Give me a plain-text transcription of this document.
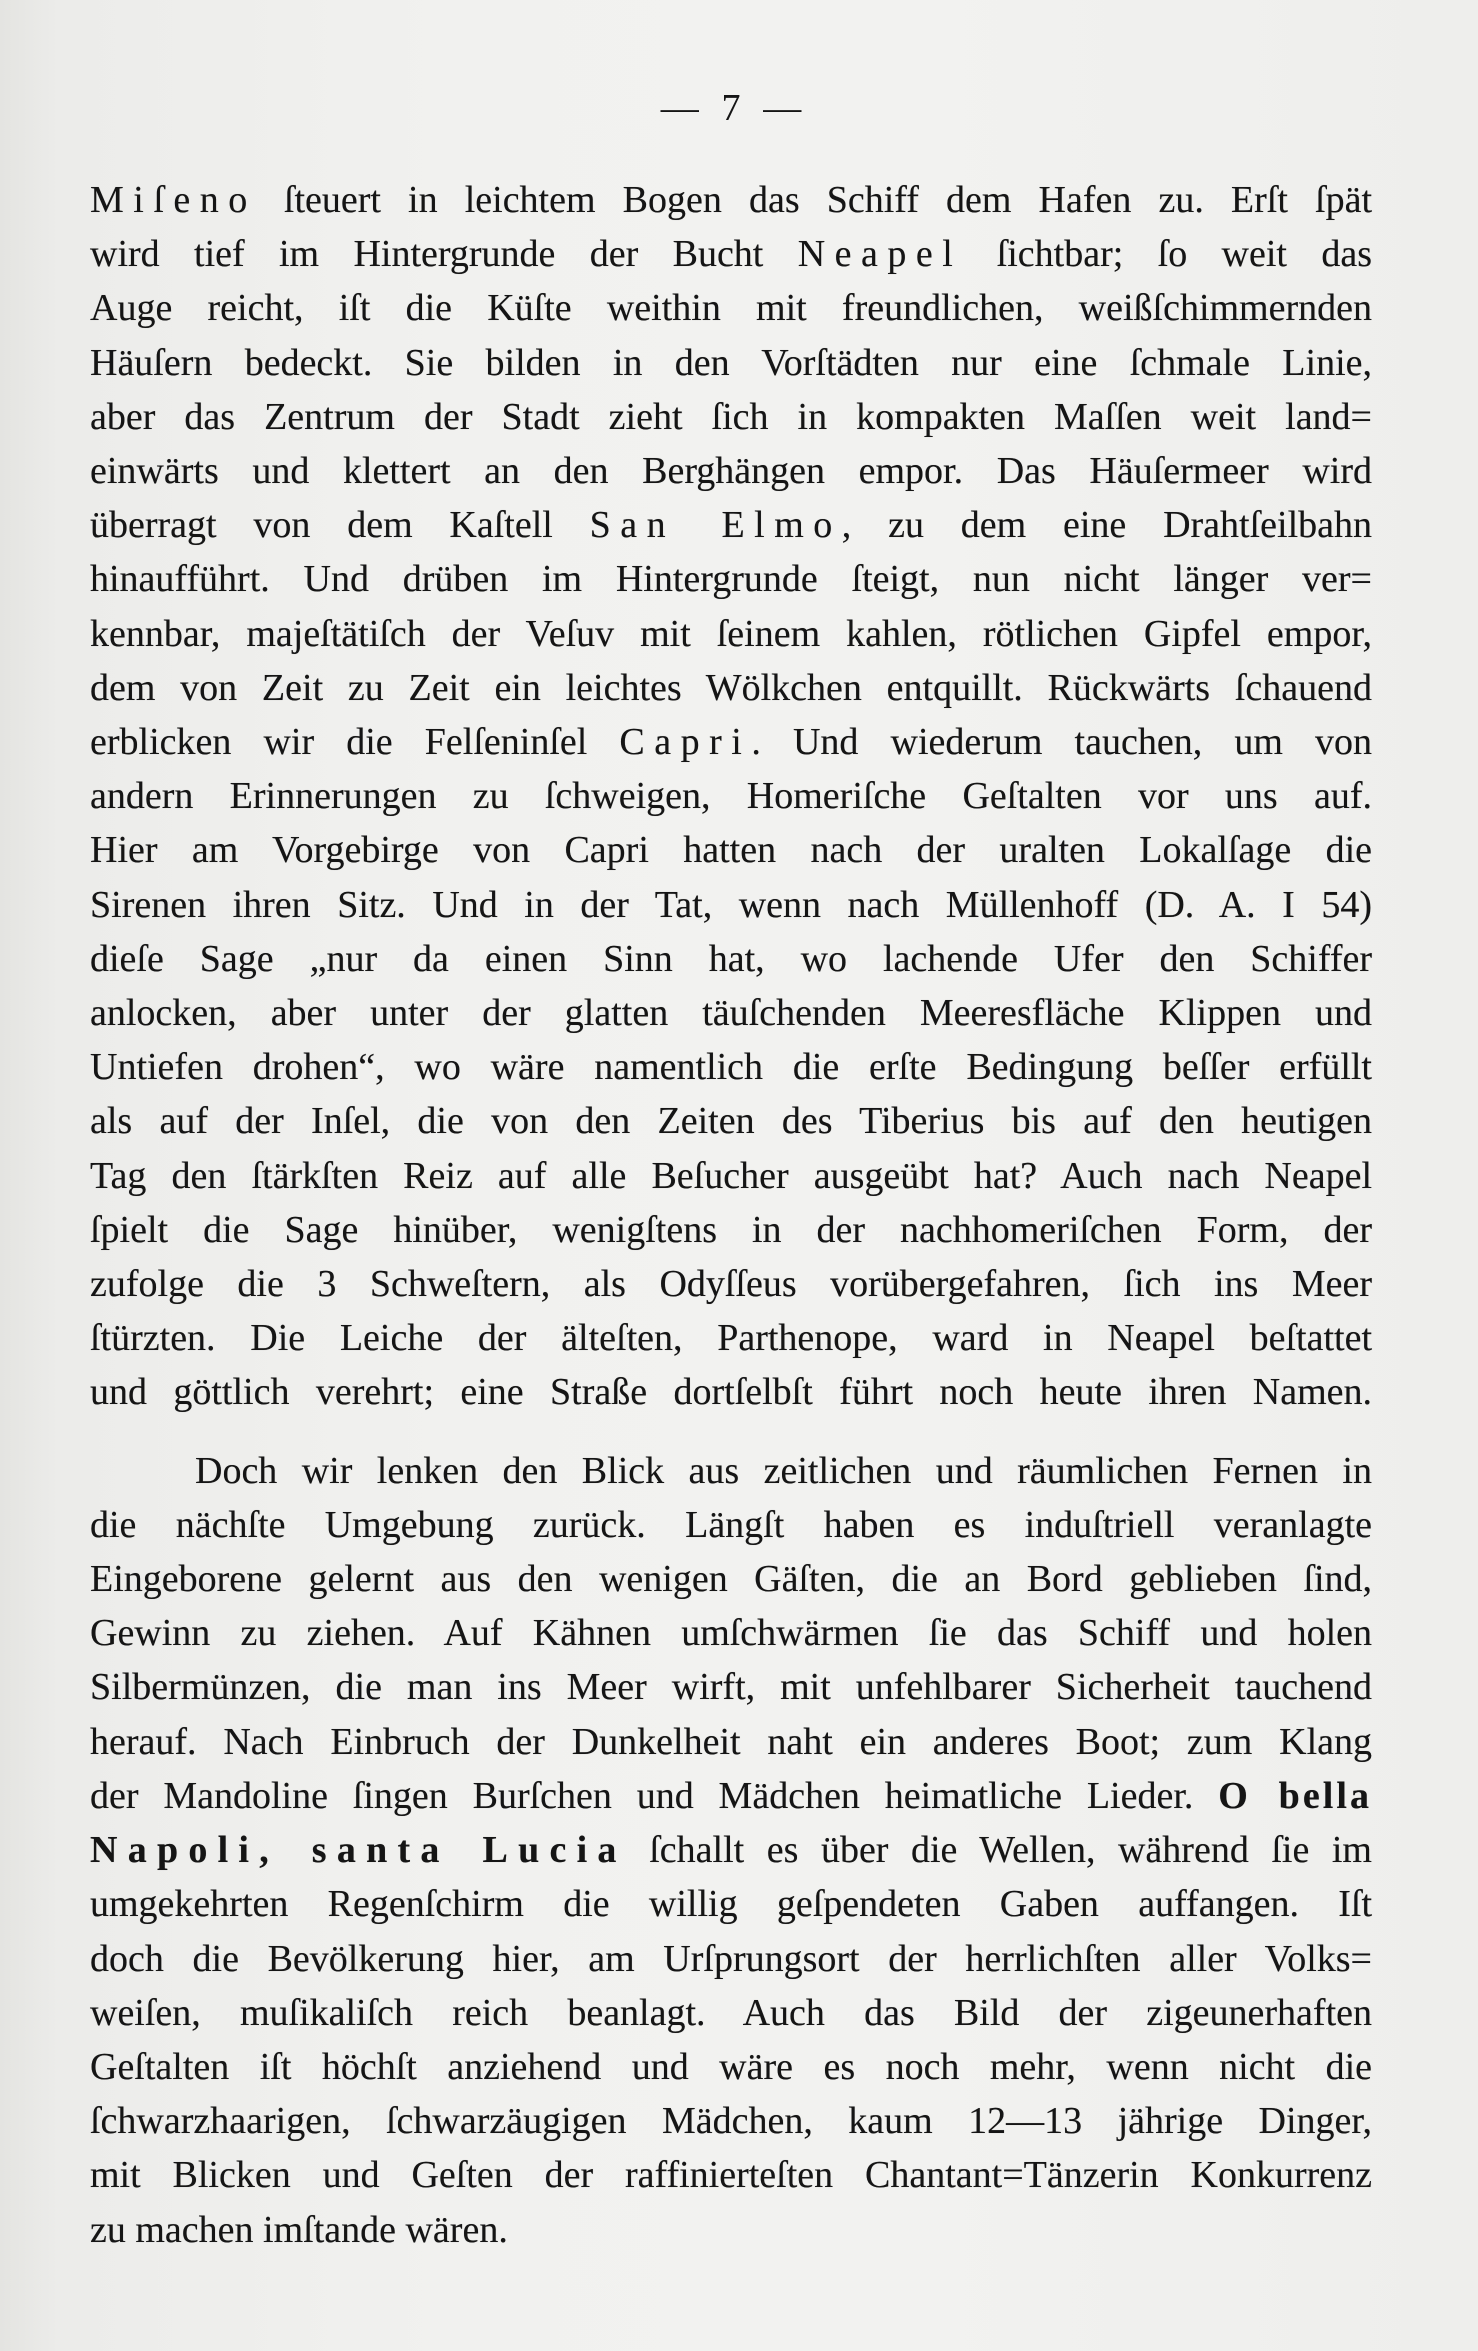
— 7 —
Miſeno ſteuert in leichtem Bogen das Schiff dem Hafen zu. Erſt ſpät
wird tief im Hintergrunde der Bucht Neapel ſichtbar; ſo weit das
Auge reicht, iſt die Küſte weithin mit freundlichen, weißſchimmernden
Häuſern bedeckt. Sie bilden in den Vorſtädten nur eine ſchmale Linie,
aber das Zentrum der Stadt zieht ſich in kompakten Maſſen weit land=
einwärts und klettert an den Berghängen empor. Das Häuſermeer wird
überragt von dem Kaſtell San Elmo, zu dem eine Drahtſeilbahn
hinaufführt. Und drüben im Hintergrunde ſteigt, nun nicht länger ver=
kennbar, majeſtätiſch der Veſuv mit ſeinem kahlen, rötlichen Gipfel empor,
dem von Zeit zu Zeit ein leichtes Wölkchen entquillt. Rückwärts ſchauend
erblicken wir die Felſeninſel Capri. Und wiederum tauchen, um von
andern Erinnerungen zu ſchweigen, Homeriſche Geſtalten vor uns auf.
Hier am Vorgebirge von Capri hatten nach der uralten Lokalſage die
Sirenen ihren Sitz. Und in der Tat, wenn nach Müllenhoff (D. A. I 54)
dieſe Sage „nur da einen Sinn hat, wo lachende Ufer den Schiffer
anlocken, aber unter der glatten täuſchenden Meeresfläche Klippen und
Untiefen drohen“, wo wäre namentlich die erſte Bedingung beſſer erfüllt
als auf der Inſel, die von den Zeiten des Tiberius bis auf den heutigen
Tag den ſtärkſten Reiz auf alle Beſucher ausgeübt hat? Auch nach Neapel
ſpielt die Sage hinüber, wenigſtens in der nachhomeriſchen Form, der
zufolge die 3 Schweſtern, als Odyſſeus vorübergefahren, ſich ins Meer
ſtürzten. Die Leiche der älteſten, Parthenope, ward in Neapel beſtattet
und göttlich verehrt; eine Straße dortſelbſt führt noch heute ihren Namen.
Doch wir lenken den Blick aus zeitlichen und räumlichen Fernen in
die nächſte Umgebung zurück. Längſt haben es induſtriell veranlagte
Eingeborene gelernt aus den wenigen Gäſten, die an Bord geblieben ſind,
Gewinn zu ziehen. Auf Kähnen umſchwärmen ſie das Schiff und holen
Silbermünzen, die man ins Meer wirft, mit unfehlbarer Sicherheit tauchend
herauf. Nach Einbruch der Dunkelheit naht ein anderes Boot; zum Klang
der Mandoline ſingen Burſchen und Mädchen heimatliche Lieder. O bella
Napoli, santa Lucia ſchallt es über die Wellen, während ſie im
umgekehrten Regenſchirm die willig geſpendeten Gaben auffangen. Iſt
doch die Bevölkerung hier, am Urſprungsort der herrlichſten aller Volks=
weiſen, muſikaliſch reich beanlagt. Auch das Bild der zigeunerhaften
Geſtalten iſt höchſt anziehend und wäre es noch mehr, wenn nicht die
ſchwarzhaarigen, ſchwarzäugigen Mädchen, kaum 12—13 jährige Dinger,
mit Blicken und Geſten der raffinierteſten Chantant=Tänzerin Konkurrenz
zu machen imſtande wären.
